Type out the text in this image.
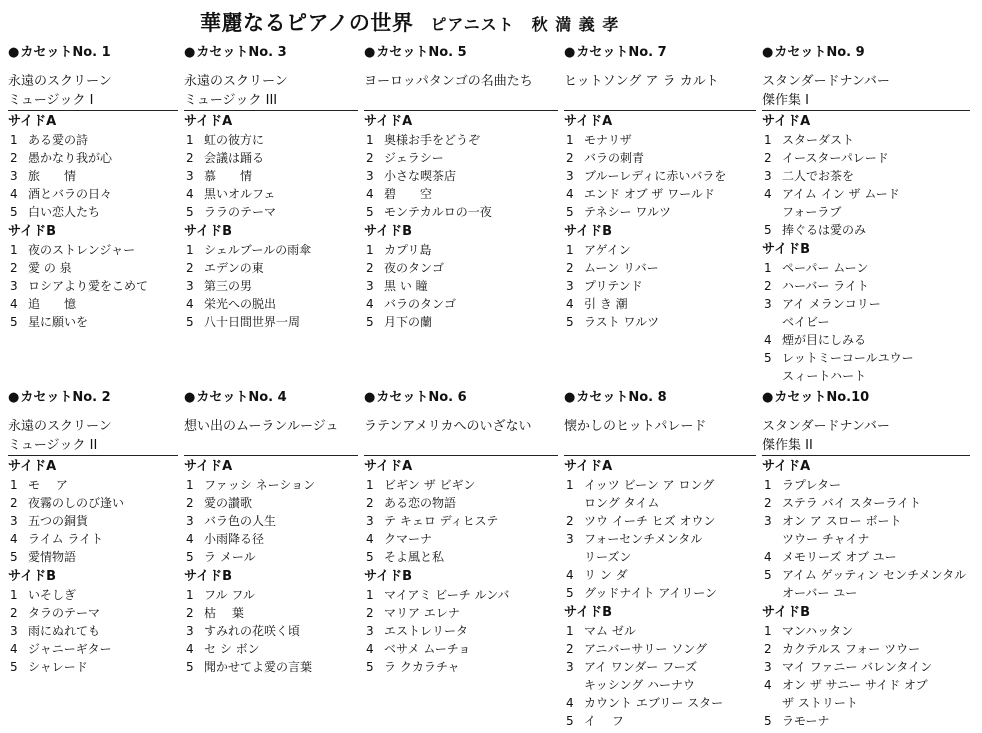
華麗なるピアノの世界 ピアニスト　秋 満 義 孝
●カセットNo. 1
永遠のスクリーン
ミュージック I
サイドA
1 ある愛の詩
2 愚かなり我が心
3 旅　　情
4 酒とバラの日々
5 白い恋人たち
サイドB
1 夜のストレンジャー
2 愛 の 泉
3 ロシアより愛をこめて
4 追　　憶
5 星に願いを
●カセットNo. 3
永遠のスクリーン
ミュージック III
サイドA
1 虹の彼方に
2 会議は踊る
3 慕　　情
4 黒いオルフェ
5 ララのテーマ
サイドB
1 シェルブールの雨傘
2 エデンの東
3 第三の男
4 栄光への脱出
5 八十日間世界一周
●カセットNo. 5
ヨーロッパタンゴの名曲たち
サイドA
1 奥様お手をどうぞ
2 ジェラシー
3 小さな喫茶店
4 碧　　空
5 モンテカルロの一夜
サイドB
1 カプリ島
2 夜のタンゴ
3 黒 い 瞳
4 バラのタンゴ
5 月下の蘭
●カセットNo. 7
ヒットソング ア ラ カルト
サイドA
1 モナリザ
2 バラの刺青
3 ブルーレディに赤いバラを
4 エンド オブ ザ ワールド
5 テネシー ワルツ
サイドB
1 アゲイン
2 ムーン リバー
3 プリテンド
4 引 き 潮
5 ラスト ワルツ
●カセットNo. 9
スタンダードナンバー
傑作集 I
サイドA
1 スターダスト
2 イースターパレード
3 二人でお茶を
4 アイム イン ザ ムード
フォーラブ
5 捧ぐるは愛のみ
サイドB
1 ペーパー ムーン
2 ハーバー ライト
3 アイ メランコリー
ベイビー
4 煙が目にしみる
5 レットミーコールユウー
スィートハート
●カセットNo. 2
永遠のスクリーン
ミュージック II
サイドA
1 モ　 ア
2 夜霧のしのび逢い
3 五つの銅貨
4 ライム ライト
5 愛情物語
サイドB
1 いそしぎ
2 タラのテーマ
3 雨にぬれても
4 ジャニーギター
5 シャレード
●カセットNo. 4
想い出のムーランルージュ
サイドA
1 ファッシ ネーション
2 愛の讃歌
3 バラ色の人生
4 小雨降る径
5 ラ メール
サイドB
1 フル フル
2 枯　 葉
3 すみれの花咲く頃
4 セ シ ボン
5 聞かせてよ愛の言葉
●カセットNo. 6
ラテンアメリカへのいざない
サイドA
1 ビギン ザ ビギン
2 ある恋の物語
3 テ キェロ ディヒステ
4 クマーナ
5 そよ風と私
サイドB
1 マイアミ ビーチ ルンバ
2 マリア エレナ
3 エストレリータ
4 ベサメ ムーチョ
5 ラ クカラチャ
●カセットNo. 8
懐かしのヒットパレード
サイドA
1 イッツ ビーン ア ロング
ロング タイム
2 ツウ イーチ ヒズ オウン
3 フォーセンチメンタル
リーズン
4 リ ン ダ
5 グッドナイト アイリーン
サイドB
1 マム ゼル
2 アニバーサリー ソング
3 アイ ワンダー フーズ
キッシング ハーナウ
4 カウント エブリー スター
5 イ　 フ
●カセットNo.10
スタンダードナンバー
傑作集 II
サイドA
1 ラプレター
2 ステラ バイ スターライト
3 オン ア スロー ボート
ツウー チャイナ
4 メモリーズ オブ ユー
5 アイム ゲッティン センチメンタル
オーバー ユー
サイドB
1 マンハッタン
2 カクテルス フォー ツウー
3 マイ ファニー バレンタイン
4 オン ザ サニー サイド オブ
ザ ストリート
5 ラモーナ
